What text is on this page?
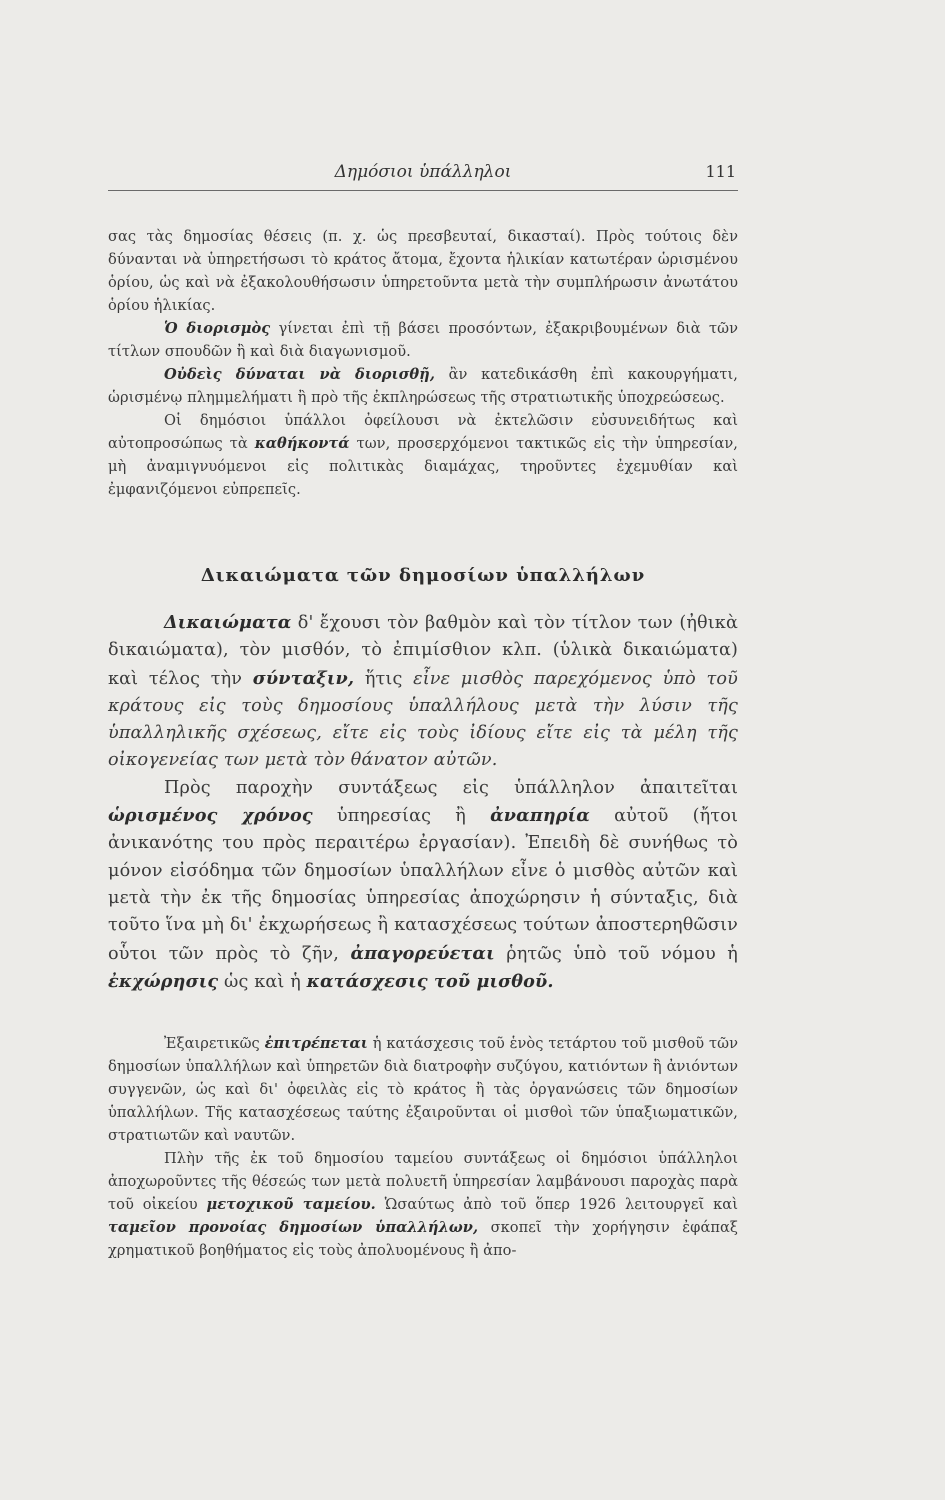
Δημόσιοι ὑπάλληλοι	111

σας τὰς δημοσίας θέσεις (π. χ. ὡς πρεσβευταί, δικασταί). Πρὸς τούτοις δὲν δύνανται νὰ ὑπηρετήσωσι τὸ κράτος ἄτομα, ἔχοντα ἡλικίαν κατωτέραν ὡρισμένου ὁρίου, ὡς καὶ νὰ ἐξακολουθήσωσιν ὑπηρετοῦντα μετὰ τὴν συμπλήρωσιν ἀνωτάτου ὁρίου ἡλικίας.

Ὁ διορισμὸς γίνεται ἐπὶ τῇ βάσει προσόντων, ἐξακριβουμένων διὰ τῶν τίτλων σπουδῶν ἢ καὶ διὰ διαγωνισμοῦ.

Οὐδεὶς δύναται νὰ διορισθῇ, ἂν κατεδικάσθη ἐπὶ κακουργήματι, ὡρισμένῳ πλημμελήματι ἢ πρὸ τῆς ἐκπληρώσεως τῆς στρατιωτικῆς ὑποχρεώσεως.

Οἱ δημόσιοι ὑπάλλοι ὀφείλουσι νὰ ἐκτελῶσιν εὐσυνειδήτως καὶ αὐτοπροσώπως τὰ καθήκοντά των, προσερχόμενοι τακτικῶς εἰς τὴν ὑπηρεσίαν, μὴ ἀναμιγνυόμενοι εἰς πολιτικὰς διαμάχας, τηροῦντες ἐχεμυθίαν καὶ ἐμφανιζόμενοι εὐπρεπεῖς.

Δικαιώματα τῶν δημοσίων ὑπαλλήλων

Δικαιώματα δ' ἔχουσι τὸν βαθμὸν καὶ τὸν τίτλον των (ἠθικὰ δικαιώματα), τὸν μισθόν, τὸ ἐπιμίσθιον κλπ. (ὑλικὰ δικαιώματα) καὶ τέλος τὴν σύνταξιν, ἥτις εἶνε μισθὸς παρεχόμενος ὑπὸ τοῦ κράτους εἰς τοὺς δημοσίους ὑπαλλήλους μετὰ τὴν λύσιν τῆς ὑπαλληλικῆς σχέσεως, εἴτε εἰς τοὺς ἰδίους εἴτε εἰς τὰ μέλη τῆς οἰκογενείας των μετὰ τὸν θάνατον αὐτῶν.

Πρὸς παροχὴν συντάξεως εἰς ὑπάλληλον ἀπαιτεῖται ὡρισμένος χρόνος ὑπηρεσίας ἢ ἀναπηρία αὐτοῦ (ἤτοι ἀνικανότης του πρὸς περαιτέρω ἐργασίαν). Ἐπειδὴ δὲ συνήθως τὸ μόνον εἰσόδημα τῶν δημοσίων ὑπαλλήλων εἶνε ὁ μισθὸς αὐτῶν καὶ μετὰ τὴν ἐκ τῆς δημοσίας ὑπηρεσίας ἀποχώρησιν ἡ σύνταξις, διὰ τοῦτο ἵνα μὴ δι' ἐκχωρήσεως ἢ κατασχέσεως τούτων ἀποστερηθῶσιν οὗτοι τῶν πρὸς τὸ ζῆν, ἀπαγορεύεται ῥητῶς ὑπὸ τοῦ νόμου ἡ ἐκχώρησις ὡς καὶ ἡ κατάσχεσις τοῦ μισθοῦ.

Ἐξαιρετικῶς ἐπιτρέπεται ἡ κατάσχεσις τοῦ ἑνὸς τετάρτου τοῦ μισθοῦ τῶν δημοσίων ὑπαλλήλων καὶ ὑπηρετῶν διὰ διατροφὴν συζύγου, κατιόντων ἢ ἀνιόντων συγγενῶν, ὡς καὶ δι' ὀφειλὰς εἰς τὸ κράτος ἢ τὰς ὀργανώσεις τῶν δημοσίων ὑπαλλήλων. Τῆς κατασχέσεως ταύτης ἐξαιροῦνται οἱ μισθοὶ τῶν ὑπαξιωματικῶν, στρατιωτῶν καὶ ναυτῶν.

Πλὴν τῆς ἐκ τοῦ δημοσίου ταμείου συντάξεως οἱ δημόσιοι ὑπάλληλοι ἀποχωροῦντες τῆς θέσεώς των μετὰ πολυετῆ ὑπηρεσίαν λαμβάνουσι παροχὰς παρὰ τοῦ οἰκείου μετοχικοῦ ταμείου. Ὡσαύτως ἀπὸ τοῦ ὅπερ 1926 λειτουργεῖ καὶ ταμεῖον προνοίας δημοσίων ὑπαλλήλων, σκοπεῖ τὴν χορήγησιν ἐφάπαξ χρηματικοῦ βοηθήματος εἰς τοὺς ἀπολυομένους ἢ ἀπο-
